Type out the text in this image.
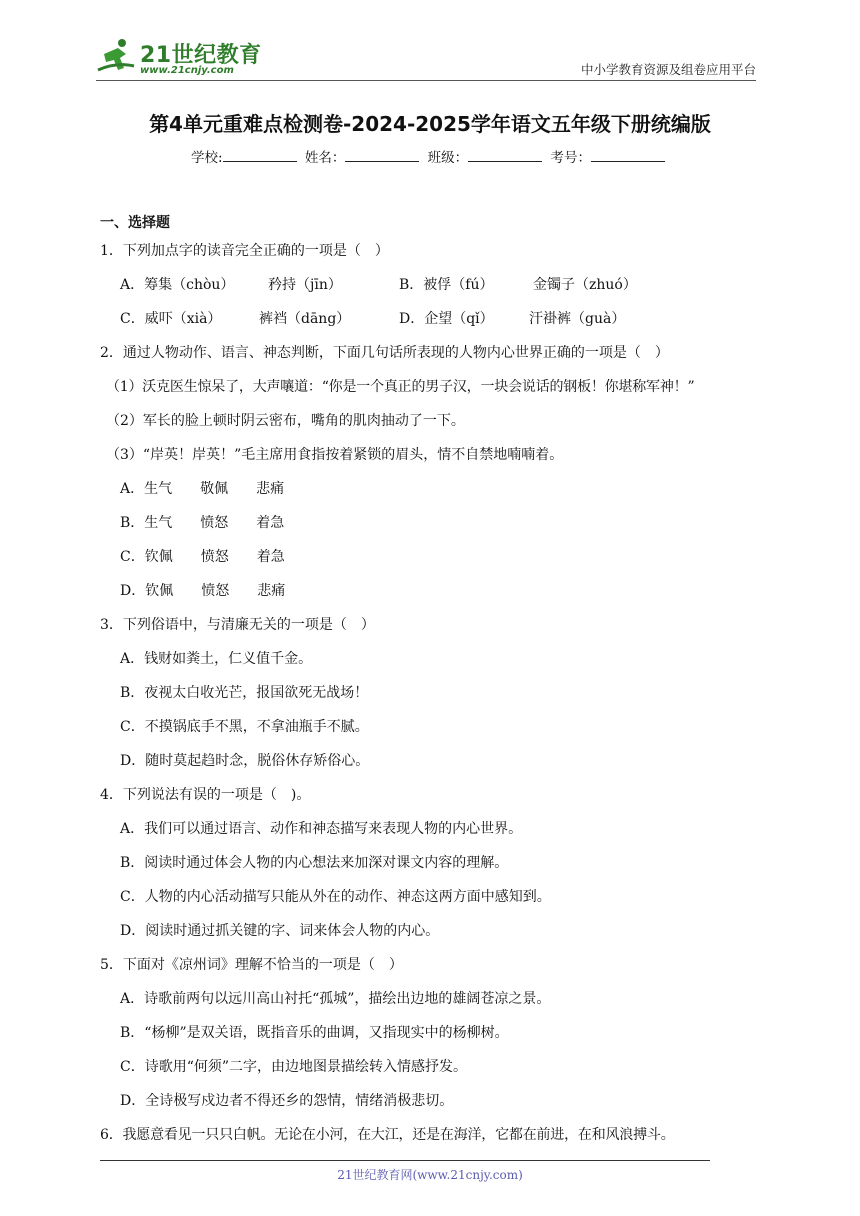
21世纪教育
www.21cnjy.com	中小学教育资源及组卷应用平台
第4单元重难点检测卷-2024-2025学年语文五年级下册统编版
学校:	姓名：	班级：	考号：
一、选择题
1．下列加点字的读音完全正确的一项是（　）
A．筹集（chòu） 矜持（jīn）	B．被俘（fú）	金镯子（zhuó）
C．威吓（xià）	裤裆（dāng）	D．企望（qǐ）	汗褂裤（guà）
2．通过人物动作、语言、神态判断，下面几句话所表现的人物内心世界正确的一项是（　）
（1）沃克医生惊呆了，大声嚷道：“你是一个真正的男子汉，一块会说话的钢板！你堪称军神！”
（2）军长的脸上顿时阴云密布，嘴角的肌肉抽动了一下。
（3）“岸英！岸英！”毛主席用食指按着紧锁的眉头，情不自禁地喃喃着。
A．生气　　敬佩　　悲痛
B．生气　　愤怒　　着急
C．钦佩　　愤怒　　着急
D．钦佩　　愤怒　　悲痛
3．下列俗语中，与清廉无关的一项是（　）
A．钱财如粪土，仁义值千金。
B．夜视太白收光芒，报国欲死无战场！
C．不摸锅底手不黑，不拿油瓶手不腻。
D．随时莫起趋时念，脱俗休存矫俗心。
4．下列说法有误的一项是（　)。
A．我们可以通过语言、动作和神态描写来表现人物的内心世界。
B．阅读时通过体会人物的内心想法来加深对课文内容的理解。
C．人物的内心活动描写只能从外在的动作、神态这两方面中感知到。
D．阅读时通过抓关键的字、词来体会人物的内心。
5．下面对《凉州词》理解不恰当的一项是（　）
A．诗歌前两句以远川高山衬托“孤城”，描绘出边地的雄阔苍凉之景。
B．“杨柳”是双关语，既指音乐的曲调，又指现实中的杨柳树。
C．诗歌用“何须”二字，由边地图景描绘转入情感抒发。
D．全诗极写戍边者不得还乡的怨情，情绪消极悲切。
6．我愿意看见一只只白帆。无论在小河，在大江，还是在海洋，它都在前进，在和风浪搏斗。
21世纪教育网(www.21cnjy.com)
